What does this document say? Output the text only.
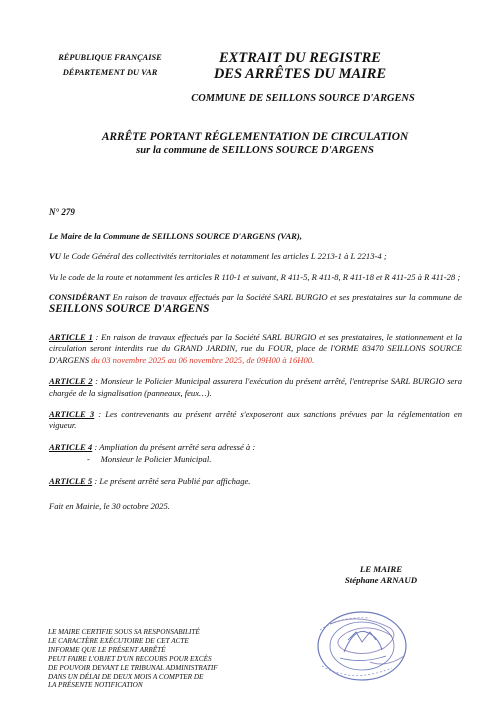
RÉPUBLIQUE FRANÇAISE

DÉPARTEMENT DU VAR

EXTRAIT DU REGISTRE

DES ARRÊTES DU MAIRE

COMMUNE DE SEILLONS SOURCE D'ARGENS

ARRÊTE PORTANT RÉGLEMENTATION DE CIRCULATION

sur la commune de SEILLONS SOURCE D'ARGENS

N° 279

Le Maire de la Commune de SEILLONS SOURCE D'ARGENS (VAR),

VU le Code Général des collectivités territoriales et notamment les articles L 2213-1 à L 2213-4 ;

Vu le code de la route et notamment les articles R 110-1 et suivant, R 411-5, R 411-8, R 411-18 et R 411-25 à R 411-28 ;

CONSIDÉRANT En raison de travaux effectués par la Société SARL BURGIO et ses prestataires sur la commune de SEILLONS SOURCE D'ARGENS

ARTICLE 1 : En raison de travaux effectués par la Société SARL BURGIO et ses prestataires, le stationnement et la circulation seront interdits rue du GRAND JARDIN, rue du FOUR, place de l'ORME 83470 SEILLONS SOURCE D'ARGENS du 03 novembre 2025 au 06 novembre 2025, de 09H00 à 16H00.

ARTICLE 2 : Monsieur le Policier Municipal assurera l'exécution du présent arrêté, l'entreprise SARL BURGIO sera chargée de la signalisation (panneaux, feux…).

ARTICLE 3 : Les contrevenants au présent arrêté s'exposeront aux sanctions prévues par la réglementation en vigueur.

ARTICLE 4 : Ampliation du présent arrêté sera adressé à :

- Monsieur le Policier Municipal.

ARTICLE 5 : Le présent arrêté sera Publié par affichage.

Fait en Mairie, le 30 octobre 2025.

LE MAIRE

Stéphane ARNAUD

LE MAIRE CERTIFIE SOUS SA RESPONSABILITÉ

LE CARACTÈRE EXÉCUTOIRE DE CET ACTE

INFORME QUE LE PRÉSENT ARRÊTÉ

PEUT FAIRE L'OBJET D'UN RECOURS POUR EXCÈS

DE POUVOIR DEVANT LE TRIBUNAL ADMINISTRATIF

DANS UN DÉLAI DE DEUX MOIS A COMPTER DE

LA PRÉSENTE NOTIFICATION
